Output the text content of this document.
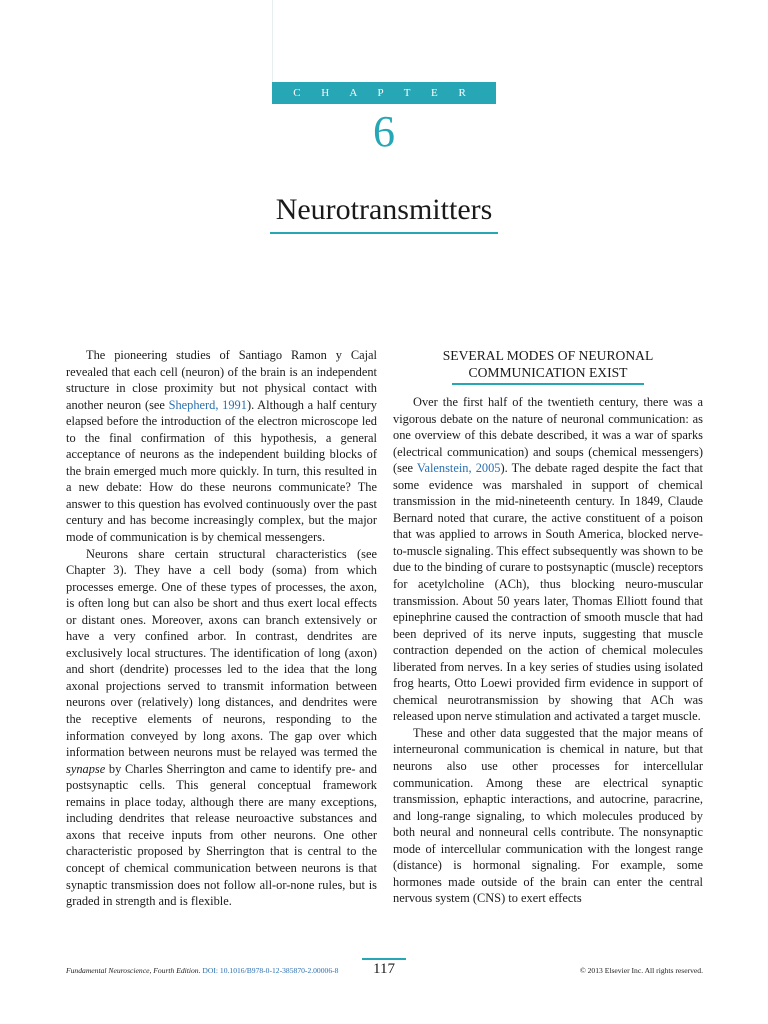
C H A P T E R
6
Neurotransmitters

The pioneering studies of Santiago Ramon y Cajal revealed that each cell (neuron) of the brain is an independent structure in close proximity but not physical contact with another neuron (see Shepherd, 1991). Although a half century elapsed before the introduction of the electron microscope led to the final confirmation of this hypothesis, a general acceptance of neurons as the independent building blocks of the brain emerged much more quickly. In turn, this resulted in a new debate: How do these neurons communicate? The answer to this question has evolved continuously over the past century and has become increasingly complex, but the major mode of communication is by chemical messengers.

Neurons share certain structural characteristics (see Chapter 3). They have a cell body (soma) from which processes emerge. One of these types of processes, the axon, is often long but can also be short and thus exert local effects or distant ones. Moreover, axons can branch extensively or have a very confined arbor. In contrast, dendrites are exclusively local structures. The identification of long (axon) and short (dendrite) processes led to the idea that the long axonal projections served to transmit information between neurons over (relatively) long distances, and dendrites were the receptive elements of neurons, responding to the information conveyed by long axons. The gap over which information between neurons must be relayed was termed the synapse by Charles Sherrington and came to identify pre- and postsynaptic cells. This general conceptual framework remains in place today, although there are many exceptions, including dendrites that release neuroactive substances and axons that receive inputs from other neurons. One other characteristic proposed by Sherrington that is central to the concept of chemical communication between neurons is that synaptic transmission does not follow all-or-none rules, but is graded in strength and is flexible.

SEVERAL MODES OF NEURONAL
COMMUNICATION EXIST

Over the first half of the twentieth century, there was a vigorous debate on the nature of neuronal communication: as one overview of this debate described, it was a war of sparks (electrical communication) and soups (chemical messengers) (see Valenstein, 2005). The debate raged despite the fact that some evidence was marshaled in support of chemical transmission in the mid-nineteenth century. In 1849, Claude Bernard noted that curare, the active constituent of a poison that was applied to arrows in South America, blocked nerve-to-muscle signaling. This effect subsequently was shown to be due to the binding of curare to postsynaptic (muscle) receptors for acetylcholine (ACh), thus blocking neuro-muscular transmission. About 50 years later, Thomas Elliott found that epinephrine caused the contraction of smooth muscle that had been deprived of its nerve inputs, suggesting that muscle contraction depended on the action of chemical molecules liberated from nerves. In a key series of studies using isolated frog hearts, Otto Loewi provided firm evidence in support of chemical neurotransmission by showing that ACh was released upon nerve stimulation and activated a target muscle.

These and other data suggested that the major means of interneuronal communication is chemical in nature, but that neurons also use other processes for intercellular communication. Among these are electrical synaptic transmission, ephaptic interactions, and autocrine, paracrine, and long-range signaling, to which molecules produced by both neural and nonneural cells contribute. The nonsynaptic mode of intercellular communication with the longest range (distance) is hormonal signaling. For example, some hormones made outside of the brain can enter the central nervous system (CNS) to exert effects

Fundamental Neuroscience, Fourth Edition. DOI: 10.1016/B978-0-12-385870-2.00006-8	117	© 2013 Elsevier Inc. All rights reserved.
